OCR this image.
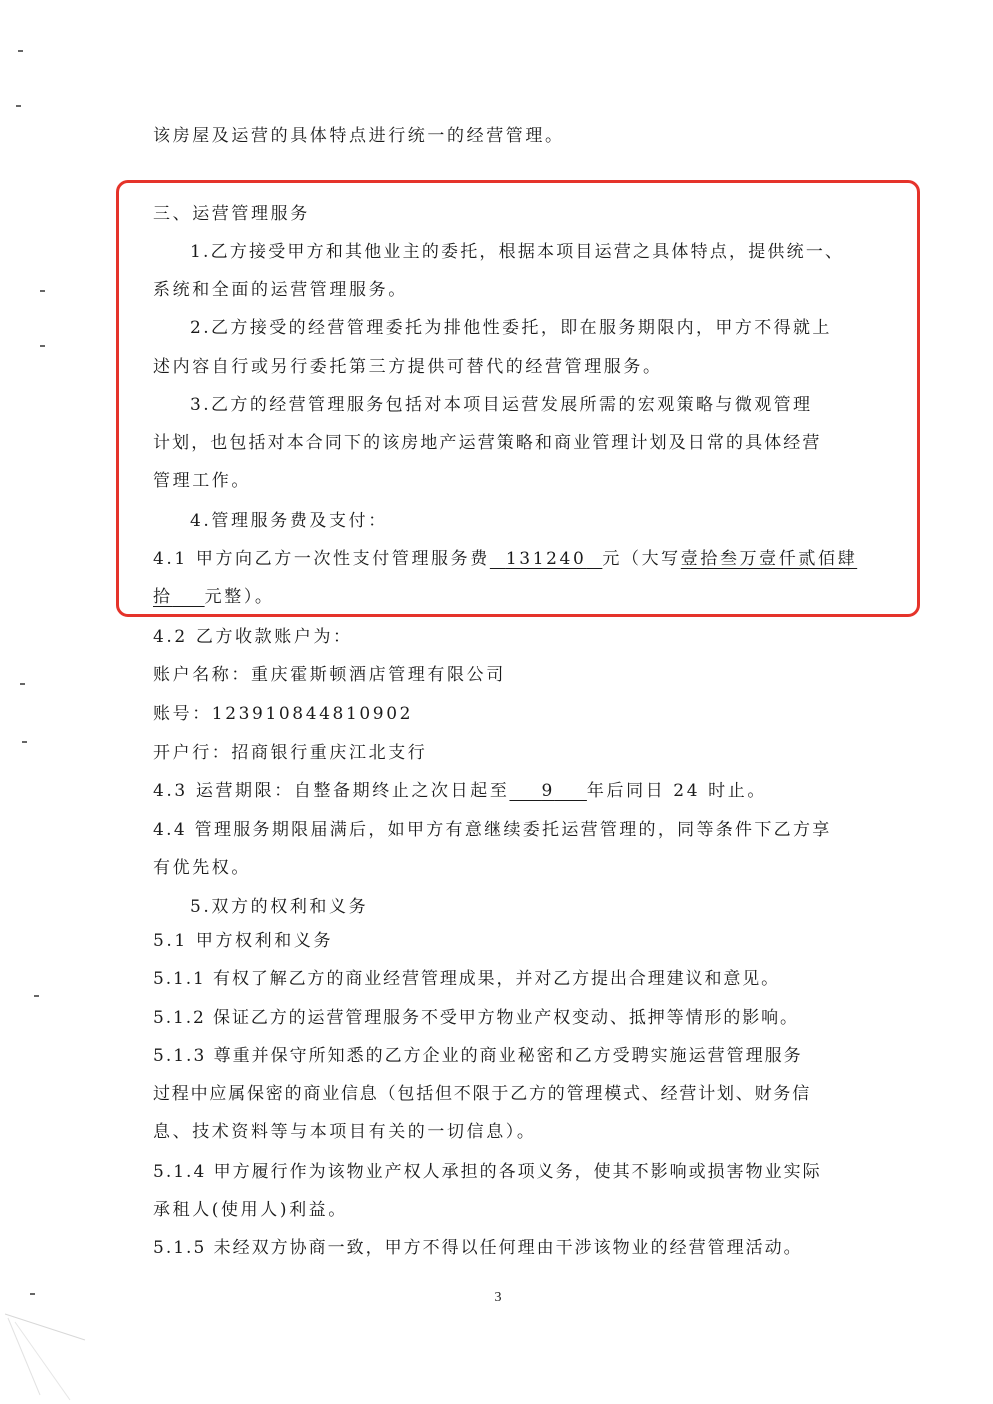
该房屋及运营的具体特点进行统一的经营管理。
三、运营管理服务
1.乙方接受甲方和其他业主的委托，根据本项目运营之具体特点，提供统一、
系统和全面的运营管理服务。
2.乙方接受的经营管理委托为排他性委托，即在服务期限内，甲方不得就上
述内容自行或另行委托第三方提供可替代的经营管理服务。
3.乙方的经营管理服务包括对本项目运营发展所需的宏观策略与微观管理
计划，也包括对本合同下的该房地产运营策略和商业管理计划及日常的具体经营
管理工作。
4.管理服务费及支付：
4.1 甲方向乙方一次性支付管理服务费 131240 元（大写壹拾叁万壹仟贰佰肆
拾 元整）。
4.2 乙方收款账户为：
账户名称：重庆霍斯顿酒店管理有限公司
账号：123910844810902
开户行：招商银行重庆江北支行
4.3 运营期限：自整备期终止之次日起至 9 年后同日 24 时止。
4.4 管理服务期限届满后，如甲方有意继续委托运营管理的，同等条件下乙方享
有优先权。
5.双方的权利和义务
5.1 甲方权利和义务
5.1.1 有权了解乙方的商业经营管理成果，并对乙方提出合理建议和意见。
5.1.2 保证乙方的运营管理服务不受甲方物业产权变动、抵押等情形的影响。
5.1.3 尊重并保守所知悉的乙方企业的商业秘密和乙方受聘实施运营管理服务
过程中应属保密的商业信息（包括但不限于乙方的管理模式、经营计划、财务信
息、技术资料等与本项目有关的一切信息）。
5.1.4 甲方履行作为该物业产权人承担的各项义务，使其不影响或损害物业实际
承租人(使用人)利益。
5.1.5 未经双方协商一致，甲方不得以任何理由干涉该物业的经营管理活动。
3
